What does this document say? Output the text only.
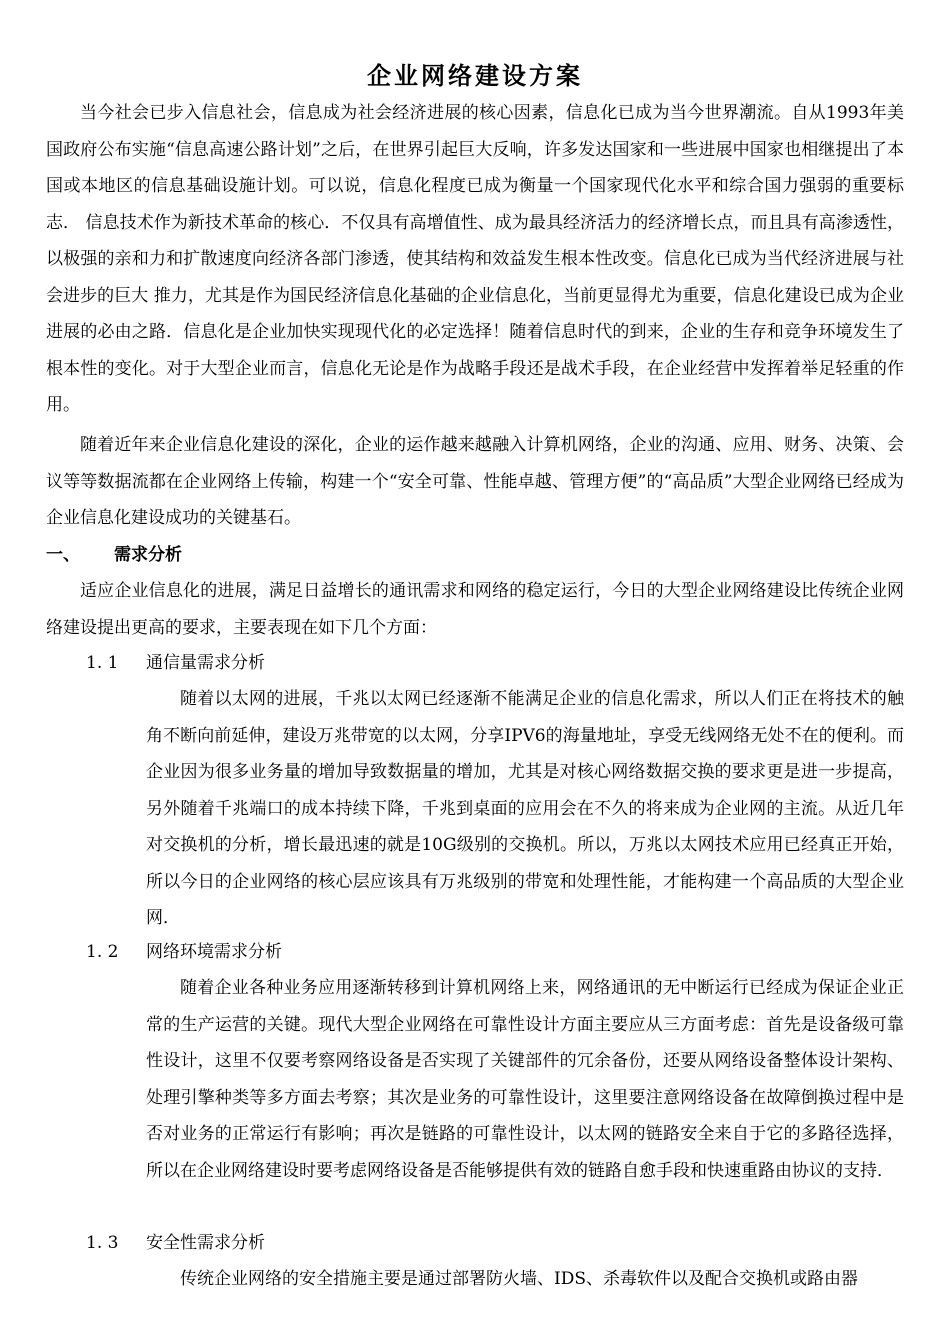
企业网络建设方案

当今社会已步入信息社会，信息成为社会经济进展的核心因素，信息化已成为当今世界潮流。自从1993年美国政府公布实施“信息高速公路计划”之后，在世界引起巨大反响，许多发达国家和一些进展中国家也相继提出了本国或本地区的信息基础设施计划。可以说，信息化程度已成为衡量一个国家现代化水平和综合国力强弱的重要标志． 信息技术作为新技术革命的核心．不仅具有高增值性、成为最具经济活力的经济增长点，而且具有高渗透性，以极强的亲和力和扩散速度向经济各部门渗透，使其结构和效益发生根本性改变。信息化已成为当代经济进展与社会进步的巨大 推力，尤其是作为国民经济信息化基础的企业信息化，当前更显得尤为重要，信息化建设已成为企业进展的必由之路．信息化是企业加快实现现代化的必定选择！随着信息时代的到来，企业的生存和竞争环境发生了根本性的变化。对于大型企业而言，信息化无论是作为战略手段还是战术手段，在企业经营中发挥着举足轻重的作用。

随着近年来企业信息化建设的深化，企业的运作越来越融入计算机网络，企业的沟通、应用、财务、决策、会议等等数据流都在企业网络上传输，构建一个“安全可靠、性能卓越、管理方便”的“高品质”大型企业网络已经成为企业信息化建设成功的关键基石。

一、 需求分析

适应企业信息化的进展，满足日益增长的通讯需求和网络的稳定运行，今日的大型企业网络建设比传统企业网络建设提出更高的要求，主要表现在如下几个方面：

1. 1 通信量需求分析

随着以太网的进展，千兆以太网已经逐渐不能满足企业的信息化需求，所以人们正在将技术的触角不断向前延伸，建设万兆带宽的以太网，分享IPV6的海量地址，享受无线网络无处不在的便利。而企业因为很多业务量的增加导致数据量的增加，尤其是对核心网络数据交换的要求更是进一步提高，另外随着千兆端口的成本持续下降，千兆到桌面的应用会在不久的将来成为企业网的主流。从近几年对交换机的分析，增长最迅速的就是10G级别的交换机。所以，万兆以太网技术应用已经真正开始，所以今日的企业网络的核心层应该具有万兆级别的带宽和处理性能，才能构建一个高品质的大型企业网．

1. 2 网络环境需求分析

随着企业各种业务应用逐渐转移到计算机网络上来，网络通讯的无中断运行已经成为保证企业正常的生产运营的关键。现代大型企业网络在可靠性设计方面主要应从三方面考虑：首先是设备级可靠性设计，这里不仅要考察网络设备是否实现了关键部件的冗余备份，还要从网络设备整体设计架构、处理引擎种类等多方面去考察；其次是业务的可靠性设计，这里要注意网络设备在故障倒换过程中是否对业务的正常运行有影响；再次是链路的可靠性设计，以太网的链路安全来自于它的多路径选择，所以在企业网络建设时要考虑网络设备是否能够提供有效的链路自愈手段和快速重路由协议的支持．

1. 3 安全性需求分析

传统企业网络的安全措施主要是通过部署防火墙、IDS、杀毒软件以及配合交换机或路由器
